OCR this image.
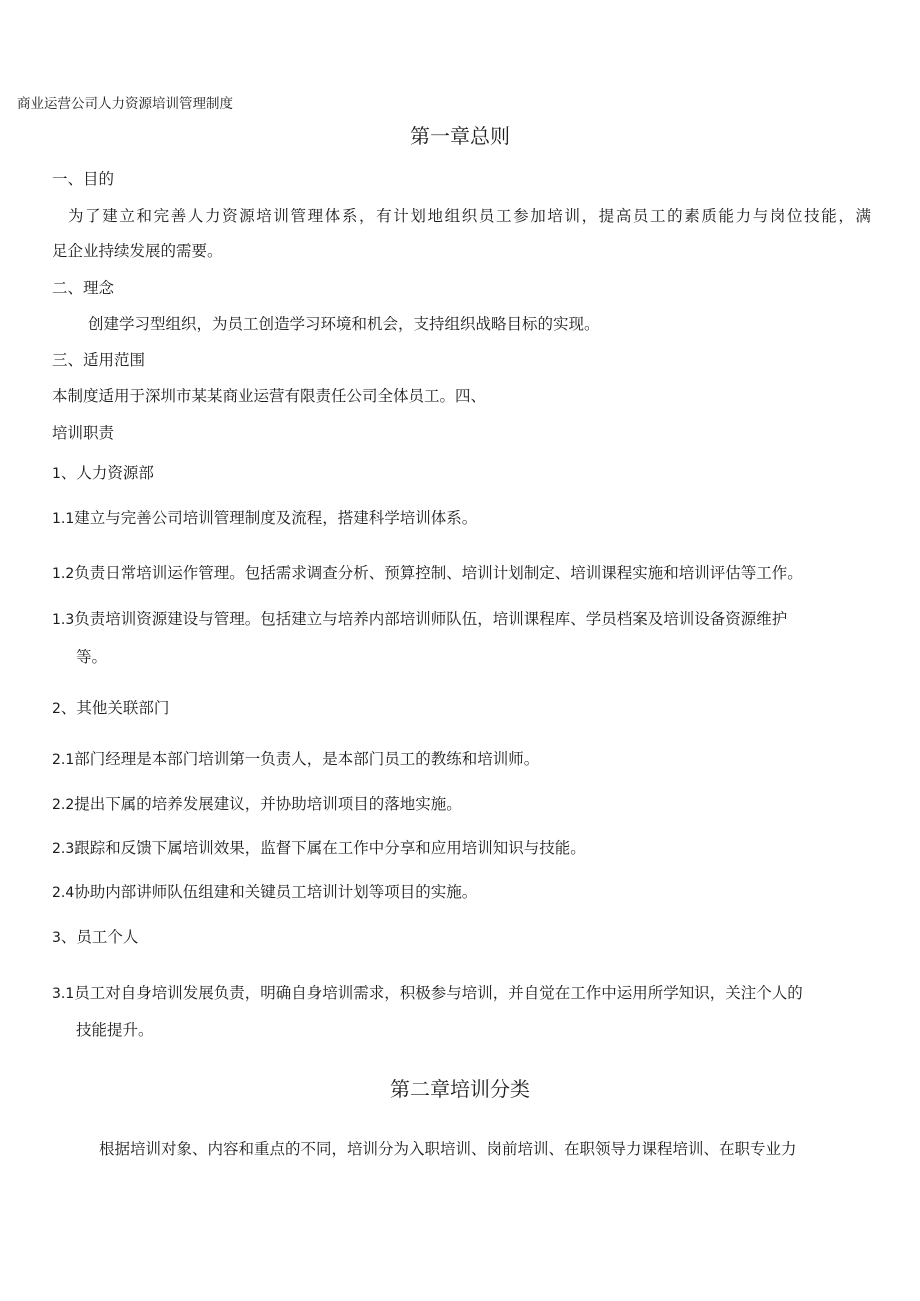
商业运营公司人力资源培训管理制度
第一章总则
一、目的
为了建立和完善人力资源培训管理体系，有计划地组织员工参加培训，提高员工的素质能力与岗位技能，满
足企业持续发展的需要。
二、理念
创建学习型组织，为员工创造学习环境和机会，支持组织战略目标的实现。
三、适用范围
本制度适用于深圳市某某商业运营有限责任公司全体员工。四、
培训职责
1、人力资源部
1.1建立与完善公司培训管理制度及流程，搭建科学培训体系。
1.2负责日常培训运作管理。包括需求调查分析、预算控制、培训计划制定、培训课程实施和培训评估等工作。
1.3负责培训资源建设与管理。包括建立与培养内部培训师队伍，培训课程库、学员档案及培训设备资源维护
等。
2、其他关联部门
2.1部门经理是本部门培训第一负责人，是本部门员工的教练和培训师。
2.2提出下属的培养发展建议，并协助培训项目的落地实施。
2.3跟踪和反馈下属培训效果，监督下属在工作中分享和应用培训知识与技能。
2.4协助内部讲师队伍组建和关键员工培训计划等项目的实施。
3、员工个人
3.1员工对自身培训发展负责，明确自身培训需求，积极参与培训，并自觉在工作中运用所学知识，关注个人的
技能提升。
第二章培训分类
根据培训对象、内容和重点的不同，培训分为入职培训、岗前培训、在职领导力课程培训、在职专业力
